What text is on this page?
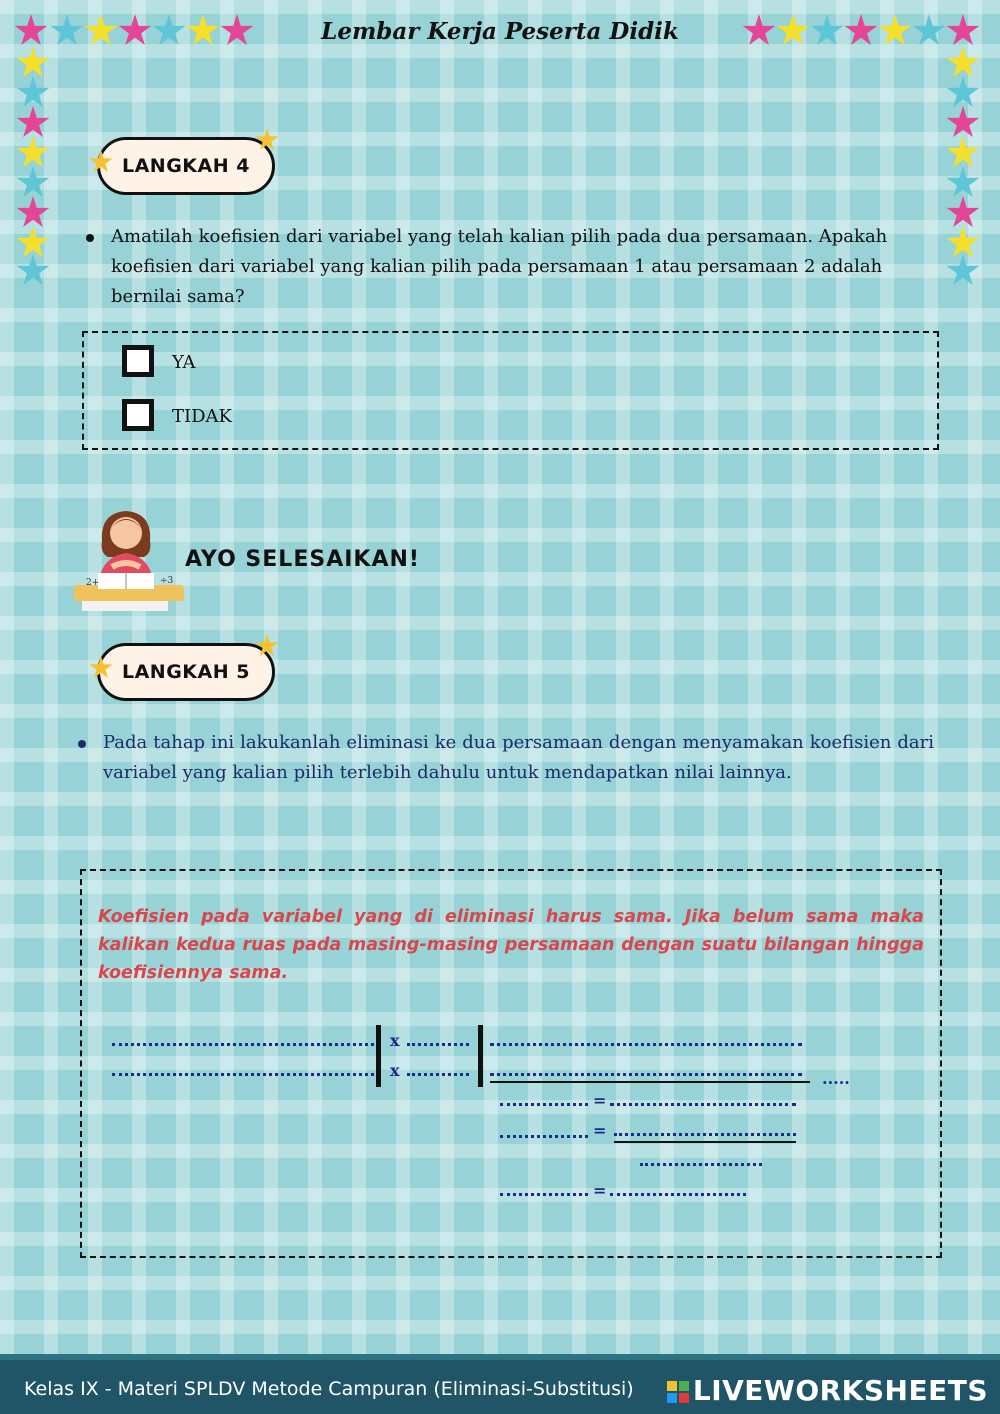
Lembar Kerja Peserta Didik
LANGKAH 4
Amatilah koefisien dari variabel yang telah kalian pilih pada dua persamaan. Apakah koefisien dari variabel yang kalian pilih pada persamaan 1 atau persamaan 2 adalah bernilai sama?
YA
TIDAK
2+	÷3
AYO SELESAIKAN!
LANGKAH 5
Pada tahap ini lakukanlah eliminasi ke dua persamaan dengan menyamakan koefisien dari variabel yang kalian pilih terlebih dahulu untuk mendapatkan nilai lainnya.
Koefisien pada variabel yang di eliminasi harus sama. Jika belum sama maka kalikan kedua ruas pada masing-masing persamaan dengan suatu bilangan hingga koefisiennya sama.
x
x	.....
=
=
=
Kelas IX - Materi SPLDV Metode Campuran (Eliminasi-Substitusi)	LIVEWORKSHEETS
